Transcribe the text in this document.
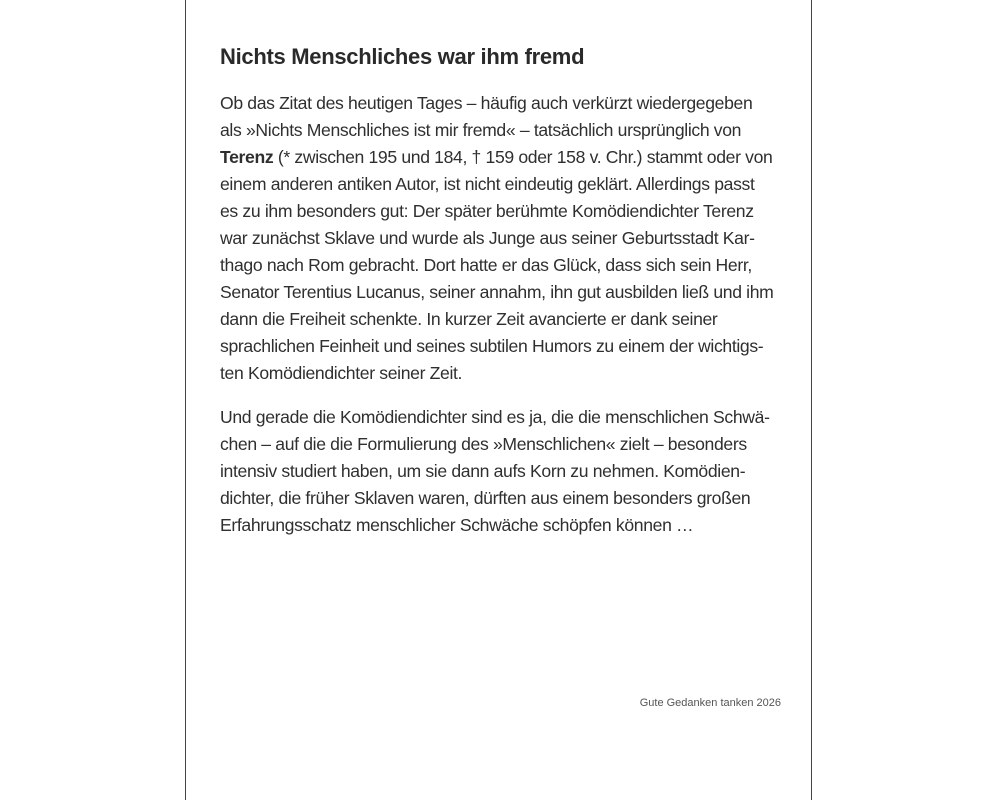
Nichts Menschliches war ihm fremd

Ob das Zitat des heutigen Tages – häufig auch verkürzt wiedergegeben
als »Nichts Menschliches ist mir fremd« – tatsächlich ursprünglich von
Terenz (* zwischen 195 und 184, † 159 oder 158 v. Chr.) stammt oder von
einem anderen antiken Autor, ist nicht eindeutig geklärt. Allerdings passt
es zu ihm besonders gut: Der später berühmte Komödiendichter Terenz
war zunächst Sklave und wurde als Junge aus seiner Geburtsstadt Kar-
thago nach Rom gebracht. Dort hatte er das Glück, dass sich sein Herr,
Senator Terentius Lucanus, seiner annahm, ihn gut ausbilden ließ und ihm
dann die Freiheit schenkte. In kurzer Zeit avancierte er dank seiner
sprachlichen Feinheit und seines subtilen Humors zu einem der wichtigs-
ten Komödiendichter seiner Zeit.

Und gerade die Komödiendichter sind es ja, die die menschlichen Schwä-
chen – auf die die Formulierung des »Menschlichen« zielt – besonders
intensiv studiert haben, um sie dann aufs Korn zu nehmen. Komödien-
dichter, die früher Sklaven waren, dürften aus einem besonders großen
Erfahrungsschatz menschlicher Schwäche schöpfen können …

Gute Gedanken tanken 2026
